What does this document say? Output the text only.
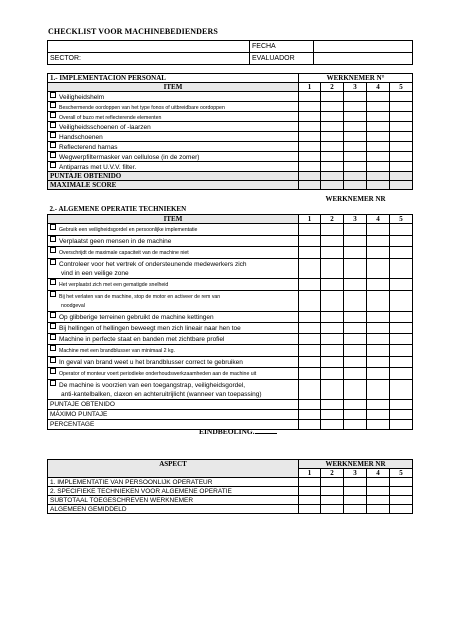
CHECKLIST VOOR MACHINEBEDIENDERS
	FECHA	
SECTOR:	EVALUADOR	
1.- IMPLEMENTACION PERSONAL	WERKNEMER N°				
ITEM	1	2	3	4	5
Veiligheidshelm					
Beschermende oordoppen van het type fonos of uitbreidbare oordoppen					
Overall of buzo met reflecterende elementen					
Veiligheidsschoenen of -laarzen					
Handschoenen					
Reflecterend harnas					
Wegwerpfiltermasker van cellulose (in de zomer)					
Antiparras met U.V.V. filter.					
PUNTAJE OBTENIDO					
MAXIMALE SCORE					
	WERKNEMER NR				
2.- ALGEMENE OPERATIE TECHNIEKEN					
ITEM	1	2	3	4	5
Gebruik een veiligheidsgordel en persoonlijke implementatie					
Verplaatst geen mensen in de machine					
Overschrijdt de maximale capaciteit van de machine niet					
Controleer voor het vertrek of ondersteunende medewerkers zich
vind in een veilige zone					

Het verplaatst zich met een gematigde snelheid					
Bij het verlaten van de machine, stop de motor en activeer de rem van
noodgeval					

Op glibberige terreinen gebruikt de machine kettingen					
Bij hellingen of hellingen beweegt men zich lineair naar hen toe					
Machine in perfecte staat en banden met zichtbare profiel					
Machine met een brandblusser van minimaal 2 kg.					
In geval van brand weet u het brandblusser correct te gebruiken					
Operator of monteur voert periodieke onderhoudswerkzaamheden aan de machine uit					
De machine is voorzien van een toegangstrap, veiligheidsgordel,
anti-kantelbalken, claxon en achteruitrijlicht (wanneer van toepassing)					

PUNTAJE OBTENIDO					
MÁXIMO PUNTAJE					
PERCENTAGE					
EINDBEOLING.
ASPECT	WERKNEMER NR				
	1	2	3	4	5
1. IMPLEMENTATIE VAN PERSOONLIJK OPERATEUR					
2. SPECIFIEKE TECHNIEKEN VOOR ALGEMENE OPERATIE					
SUBTOTAAL TOEGESCHREVEN WERKNEMER					
ALGEMEEN GEMIDDELD					
